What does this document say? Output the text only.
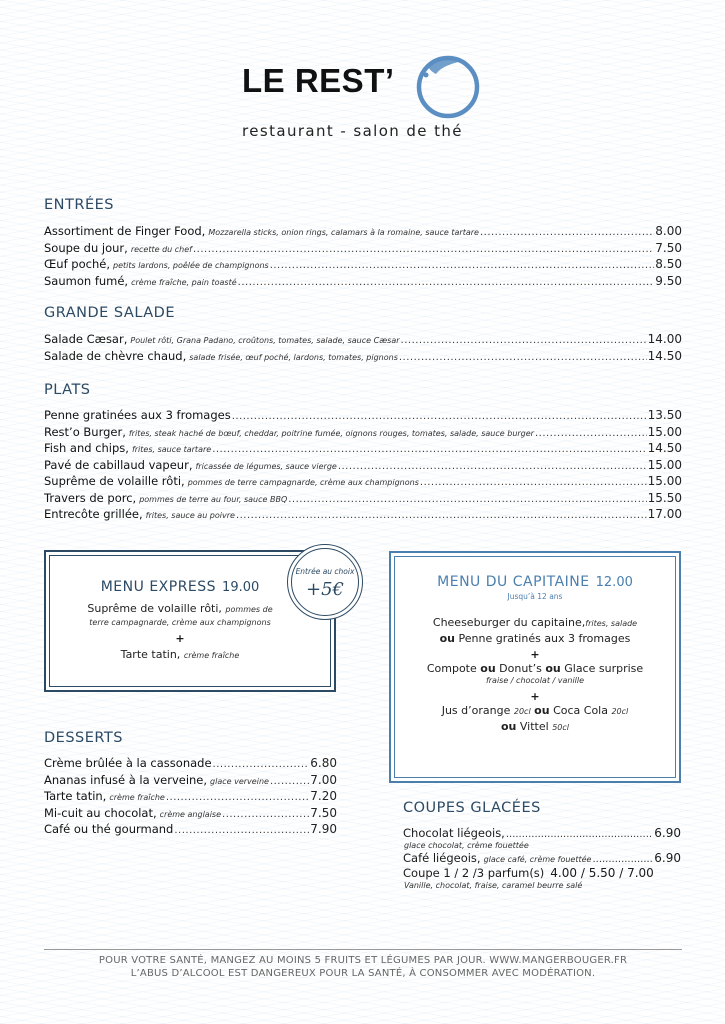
LE REST’
restaurant - salon de thé
ENTRÉES
Assortiment de Finger Food, Mozzarella sticks, onion rings, calamars à la romaine, sauce tartare .....	8.00
Soupe du jour, recette du chef .....	7.50
Œuf poché, petits lardons, poêlée de champignons .....	8.50
Saumon fumé, crème fraîche, pain toasté .....	9.50
GRANDE SALADE
Salade Cæsar, Poulet rôti, Grana Padano, croûtons, tomates, salade, sauce Cæsar .....	14.00
Salade de chèvre chaud, salade frisée, œuf poché, lardons, tomates, pignons .....	14.50
PLATS
Penne gratinées aux 3 fromages .....	13.50
Rest’o Burger, frites, steak haché de bœuf, cheddar, poitrine fumée, oignons rouges, tomates, salade, sauce burger .....	15.00
Fish and chips, frites, sauce tartare .....	14.50
Pavé de cabillaud vapeur, fricassée de légumes, sauce vierge .....	15.00
Suprême de volaille rôti, pommes de terre campagnarde, crème aux champignons .....	15.00
Travers de porc, pommes de terre au four, sauce BBQ .....	15.50
Entrecôte grillée, frites, sauce au poivre .....	17.00
MENU EXPRESS 19.00
Suprême de volaille rôti, pommes de
terre campagnarde, crème aux champignons
+
Tarte tatin, crème fraîche
Entrée au choix
+5€	MENU DU CAPITAINE 12.00
Jusqu’à 12 ans
Cheeseburger du capitaine,frites, salade
ou Penne gratinés aux 3 fromages
+
Compote ou Donut’s ou Glace surprise
fraise / chocolat / vanille
+
Jus d’orange 20cl ou Coca Cola 20cl
ou Vittel 50cl
DESSERTS
Crème brûlée à la cassonade .....	6.80
Ananas infusé à la verveine, glace verveine .....	7.00
Tarte tatin, crème fraîche .....	7.20
Mi-cuit au chocolat, crème anglaise .....	7.50
Café ou thé gourmand .....	7.90
COUPES GLACÉES
Chocolat liégeois, .....	6.90
glace chocolat, crème fouettée
Café liégeois, glace café, crème fouettée .....	6.90
Coupe 1 / 2 /3 parfum(s) 4.00 / 5.50 / 7.00
Vanille, chocolat, fraise, caramel beurre salé
POUR VOTRE SANTÉ, MANGEZ AU MOINS 5 FRUITS ET LÉGUMES PAR JOUR. WWW.MANGERBOUGER.FR
L’ABUS D’ALCOOL EST DANGEREUX POUR LA SANTÉ, À CONSOMMER AVEC MODÉRATION.
